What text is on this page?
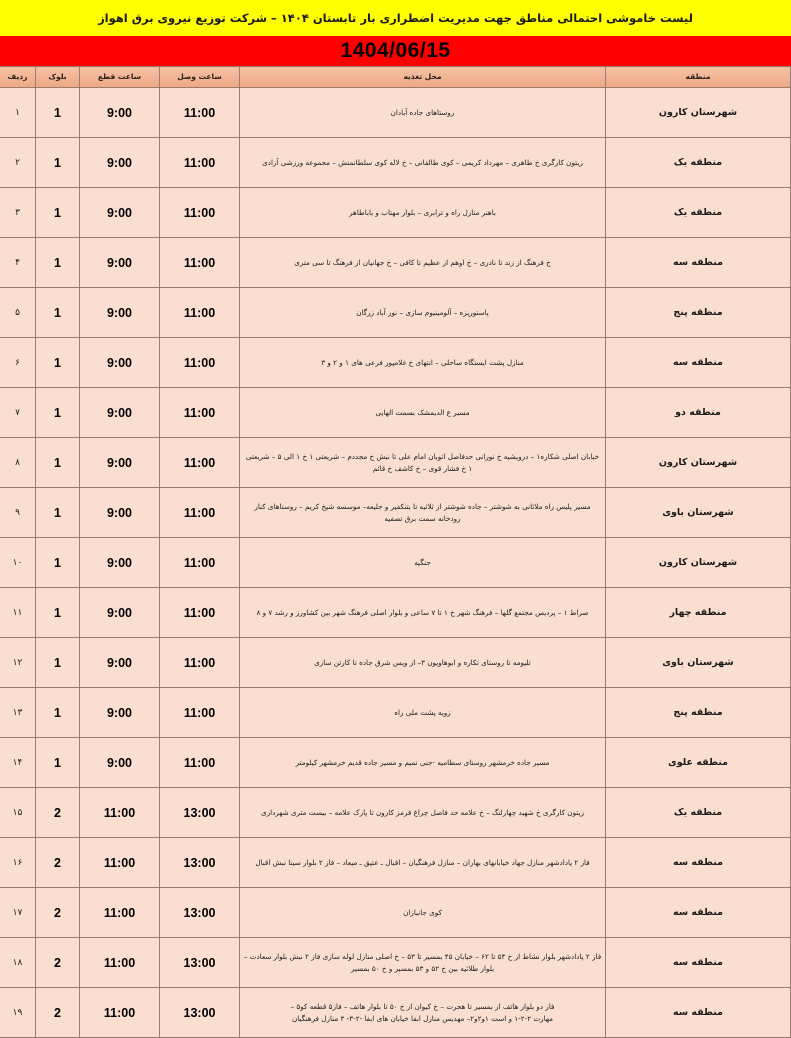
لیست خاموشی احتمالی مناطق جهت مدیریت اضطراری بار تابستان ۱۴۰۴ – شرکت توزیع نیروی برق اهواز
1404/06/15
منطقه	محل تغذیه	ساعت وصل	ساعت قطع	بلوک	ردیف
شهرستان کارون	روستاهای جاده آبادان	11:00	9:00	1	۱
منطقه یک	زیتون کارگری خ طاهری – مهرداد کریمی – کوی طالقانی – خ لاله کوی سلطانمنش – مجموعه ورزشی آزادی	11:00	9:00	1	۲
منطقه یک	باهنر منازل راه و ترابری – بلوار مهتاب و باباطاهر	11:00	9:00	1	۳
منطقه سه	خ فرهنگ از زند تا نادری – خ اوهم از عظیم تا کافی – خ جهانیان از فرهنگ تا سی متری	11:00	9:00	1	۴
منطقه پنج	پاستوریزه – آلومینیوم سازی – نور آباد زرگان	11:00	9:00	1	۵
منطقه سه	منازل پشت ایستگاه ساحلی – انتهای خ غلامپور فرعی های ۱ و ۲ و ۳	11:00	9:00	1	۶
منطقه دو	مسیر ع الدیمشک بسمت الهایی	11:00	9:00	1	۷
شهرستان کارون	خیابان اصلی شکاره۱ – درویشیه خ نورانی حدفاصل اتوبان امام علی تا نبش خ مجددم – شریعتی ۱ خ ۱ الی ۵ – شریعتی ۱ خ فشار قوی – خ کاشف خ قائم	11:00	9:00	1	۸
شهرستان باوی	مسیر پلیس راه ملاثانی به شوشتر – جاده شوشتر از ثلاثیه تا بتنکفیر و جلیعه– موسسه شیخ کریم – روستاهای کنار رودخانه سمت برق تصفیه	11:00	9:00	1	۹
شهرستان کارون	جنگیه	11:00	9:00	1	۱۰
منطقه چهار	صراط ۱ – پردیس مجتمع گلها – فرهنگ شهر خ ۱ تا ۷ ساعی و بلوار اصلی فرهنگ شهر بین کشاورز و رشد ۷ و ۸	11:00	9:00	1	۱۱
شهرستان باوی	تلیومه تا روستای تکاره و ابوهاویون ۳– از ویس شرق جاده تا کارتن سازی	11:00	9:00	1	۱۲
منطقه پنج	زویه پشت ملی راه	11:00	9:00	1	۱۳
منطقه علوی	مسیر جاده خرمشهر روستای سطامیه -جنی تمیم و مسیر جاده قدیم خرمشهر کیلومتر	11:00	9:00	1	۱۴
منطقه یک	زیتون کارگری خ شهید چهارلنگ – خ علامه حد فاصل چراغ قرمز کارون تا پارک علامه – بیست متری شهرداری	13:00	11:00	2	۱۵
منطقه سه	فاز ۲ پادادشهر منازل جهاد خیابانهای بهاران – منازل فرهنگیان – اقبال ـ عتیق ـ میعاد – فاز ۲ بلوار سینا نبش اقبال	13:00	11:00	2	۱۶
منطقه سه	کوی جانبازان	13:00	11:00	2	۱۷
منطقه سه	فاز ۲ پادادشهر بلوار نشاط از خ ۵۴ تا ۶۲ – خیابان ۴۵ بمسیر تا ۵۳ – خ اصلی منازل لوله سازی فاز ۲ نبش بلوار سعادت – بلوار طلائیه بین خ ۵۲ و ۵۳ بمسیر و خ ۵۰ بمسیر	13:00	11:00	2	۱۸
منطقه سه	فاز دو بلوار هاتف از بمسیر تا هجرت – خ کیوان از خ ۵۰ تا بلوار هاتف – فاز۵ قطعه کو۵ –
مهارت ۲-۲-۱ و است ۱و۲و۲– مهدیس منازل ابفا خیابان های ابفا -۲-۳- ۴ منازل فرهنگیان	13:00	11:00	2	۱۹
